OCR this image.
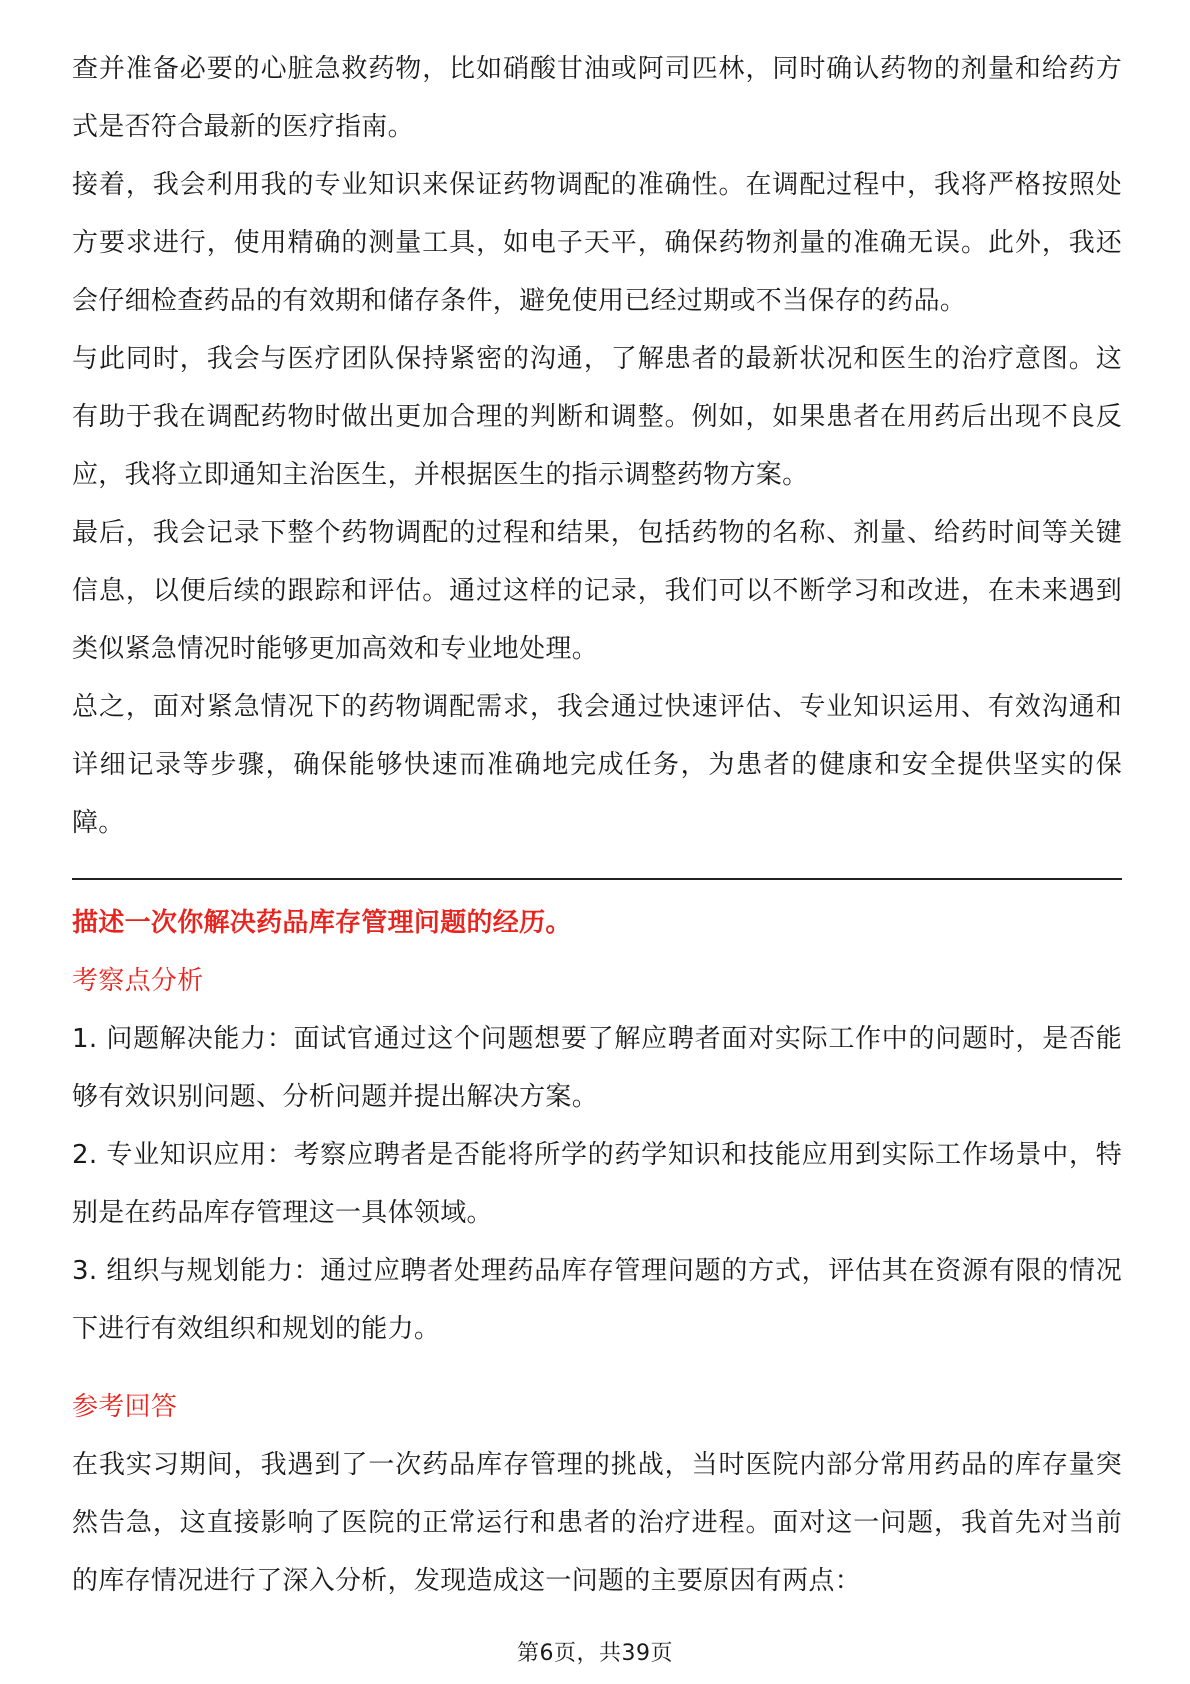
查并准备必要的心脏急救药物，比如硝酸甘油或阿司匹林，同时确认药物的剂量和给药方式是否符合最新的医疗指南。

接着，我会利用我的专业知识来保证药物调配的准确性。在调配过程中，我将严格按照处方要求进行，使用精确的测量工具，如电子天平，确保药物剂量的准确无误。此外，我还会仔细检查药品的有效期和储存条件，避免使用已经过期或不当保存的药品。

与此同时，我会与医疗团队保持紧密的沟通，了解患者的最新状况和医生的治疗意图。这有助于我在调配药物时做出更加合理的判断和调整。例如，如果患者在用药后出现不良反应，我将立即通知主治医生，并根据医生的指示调整药物方案。

最后，我会记录下整个药物调配的过程和结果，包括药物的名称、剂量、给药时间等关键信息，以便后续的跟踪和评估。通过这样的记录，我们可以不断学习和改进，在未来遇到类似紧急情况时能够更加高效和专业地处理。

总之，面对紧急情况下的药物调配需求，我会通过快速评估、专业知识运用、有效沟通和详细记录等步骤，确保能够快速而准确地完成任务，为患者的健康和安全提供坚实的保障。

描述一次你解决药品库存管理问题的经历。

考察点分析

1. 问题解决能力：面试官通过这个问题想要了解应聘者面对实际工作中的问题时，是否能够有效识别问题、分析问题并提出解决方案。

2. 专业知识应用：考察应聘者是否能将所学的药学知识和技能应用到实际工作场景中，特别是在药品库存管理这一具体领域。

3. 组织与规划能力：通过应聘者处理药品库存管理问题的方式，评估其在资源有限的情况下进行有效组织和规划的能力。

参考回答

在我实习期间，我遇到了一次药品库存管理的挑战，当时医院内部分常用药品的库存量突然告急，这直接影响了医院的正常运行和患者的治疗进程。面对这一问题，我首先对当前的库存情况进行了深入分析，发现造成这一问题的主要原因有两点：

第6页，共39页
